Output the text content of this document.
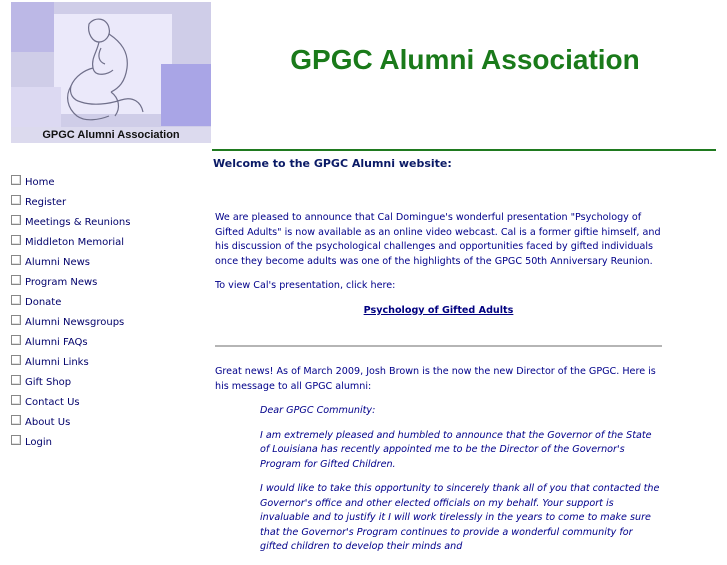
GPGC Alumni Association
GPGC Alumni Association
Home
Register
Meetings & Reunions
Middleton Memorial
Alumni News
Program News
Donate
Alumni Newsgroups
Alumni FAQs
Alumni Links
Gift Shop
Contact Us
About Us
Login
Welcome to the GPGC Alumni website:

We are pleased to announce that Cal Domingue's wonderful presentation "Psychology of Gifted Adults" is now available as an online video webcast. Cal is a former giftie himself, and his discussion of the psychological challenges and opportunities faced by gifted individuals once they become adults was one of the highlights of the GPGC 50th Anniversary Reunion.

To view Cal's presentation, click here:

Psychology of Gifted Adults

Great news! As of March 2009, Josh Brown is the now the new Director of the GPGC. Here is his message to all GPGC alumni:

Dear GPGC Community:

I am extremely pleased and humbled to announce that the Governor of the State of Louisiana has recently appointed me to be the Director of the Governor's Program for Gifted Children.

I would like to take this opportunity to sincerely thank all of you that contacted the Governor's office and other elected officials on my behalf. Your support is invaluable and to justify it I will work tirelessly in the years to come to make sure that the Governor's Program continues to provide a wonderful community for gifted children to develop their minds and
